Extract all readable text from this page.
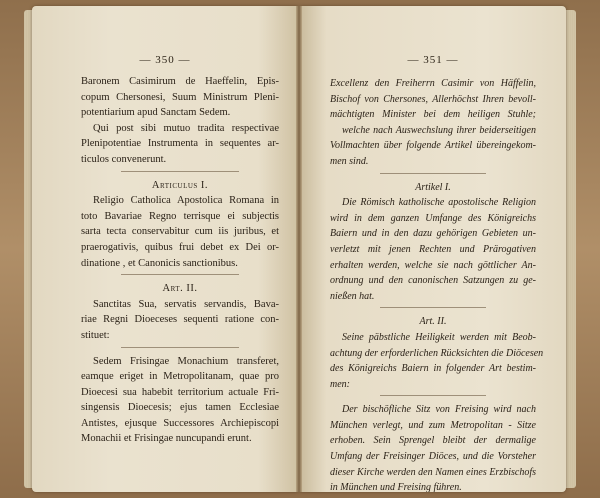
— 350 —
Baronem Casimirum de Haeffelin, Epis-
copum Chersonesi, Suum Ministrum Pleni-
potentiarium apud Sanctam Sedem.
Qui post sibi mutuo tradita respectivae
Plenipotentiae Instrumenta in sequentes ar-
ticulos convenerunt.
Articulus I.
Religio Catholica Apostolica Romana in
toto Bavariae Regno terrisque ei subjectis
sarta tecta conservabitur cum iis juribus, et
praerogativis, quibus frui debet ex Dei or-
dinatione , et Canonicis sanctionibus.
Art. II.
Sanctitas Sua, servatis servandis, Bava-
riae Regni Dioeceses sequenti ratione con-
stituet:
Sedem Frisingae Monachium transferet,
eamque eriget in Metropolitanam, quae pro
Dioecesi sua habebit territorium actuale Fri-
singensis Dioecesis; ejus tamen Ecclesiae
Antistes, ejusque Successores Archiepiscopi
Monachii et Frisingae nuncupandi erunt.
— 351 —
Excellenz den Freiherrn Casimir von Häffelin,
Bischof von Chersones, Allerhöchst Ihren bevoll-
mächtigten Minister bei dem heiligen Stuhle;
welche nach Auswechslung ihrer beiderseitigen
Vollmachten über folgende Artikel übereingekom-
men sind.
Artikel I.
Die Römisch katholische apostolische Religion
wird in dem ganzen Umfange des Königreichs
Baiern und in den dazu gehörigen Gebieten un-
verletzt mit jenen Rechten und Prärogativen
erhalten werden, welche sie nach göttlicher An-
ordnung und den canonischen Satzungen zu ge-
nießen hat.
Art. II.
Seine päbstliche Heiligkeit werden mit Beob-
achtung der erforderlichen Rücksichten die Diöcesen
des Königreichs Baiern in folgender Art bestim-
men:
Der bischöfliche Sitz von Freising wird nach
München verlegt, und zum Metropolitan - Sitze
erhoben. Sein Sprengel bleibt der dermalige
Umfang der Freisinger Diöces, und die Vorsteher
dieser Kirche werden den Namen eines Erzbischofs
in München und Freising führen.
